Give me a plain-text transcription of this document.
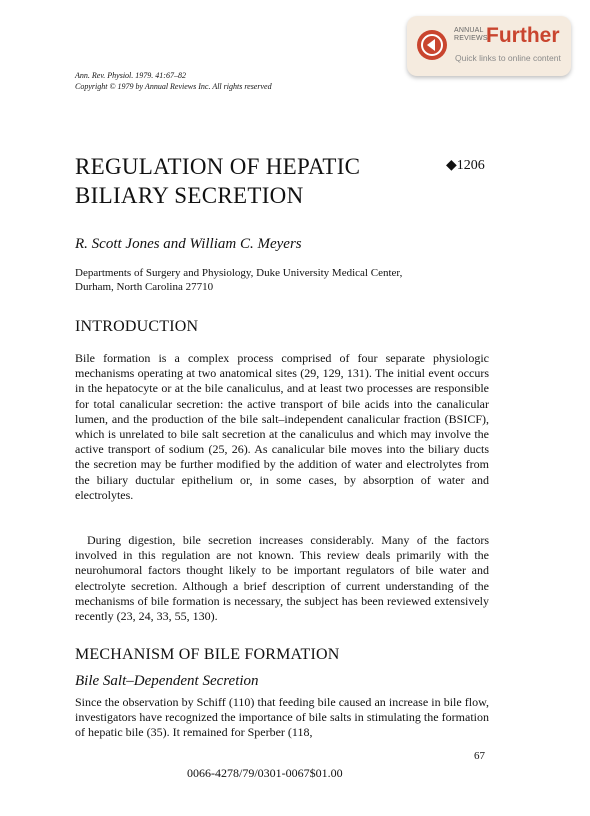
ANNUAL
REVIEWS
Further
Quick links to online content
Ann. Rev. Physiol. 1979. 41:67–82
Copyright © 1979 by Annual Reviews Inc. All rights reserved
REGULATION OF HEPATIC
BILIARY SECRETION
◆1206
R. Scott Jones and William C. Meyers
Departments of Surgery and Physiology, Duke University Medical Center,
Durham, North Carolina 27710
INTRODUCTION

Bile formation is a complex process comprised of four separate physiologic mechanisms operating at two anatomical sites (29, 129, 131). The initial event occurs in the hepatocyte or at the bile canaliculus, and at least two processes are responsible for total canalicular secretion: the active transport of bile acids into the canalicular lumen, and the production of the bile salt–independent canalicular fraction (BSICF), which is unrelated to bile salt secretion at the canaliculus and which may involve the active transport of sodium (25, 26). As canalicular bile moves into the biliary ducts the secretion may be further modified by the addition of water and electrolytes from the biliary ductular epithelium or, in some cases, by absorption of water and electrolytes.

During digestion, bile secretion increases considerably. Many of the factors involved in this regulation are not known. This review deals primarily with the neurohumoral factors thought likely to be important regulators of bile water and electrolyte secretion. Although a brief description of current understanding of the mechanisms of bile formation is necessary, the subject has been reviewed extensively recently (23, 24, 33, 55, 130).

MECHANISM OF BILE FORMATION
Bile Salt–Dependent Secretion

Since the observation by Schiff (110) that feeding bile caused an increase in bile flow, investigators have recognized the importance of bile salts in stimulating the formation of hepatic bile (35). It remained for Sperber (118,

67
0066-4278/79/0301-0067$01.00
